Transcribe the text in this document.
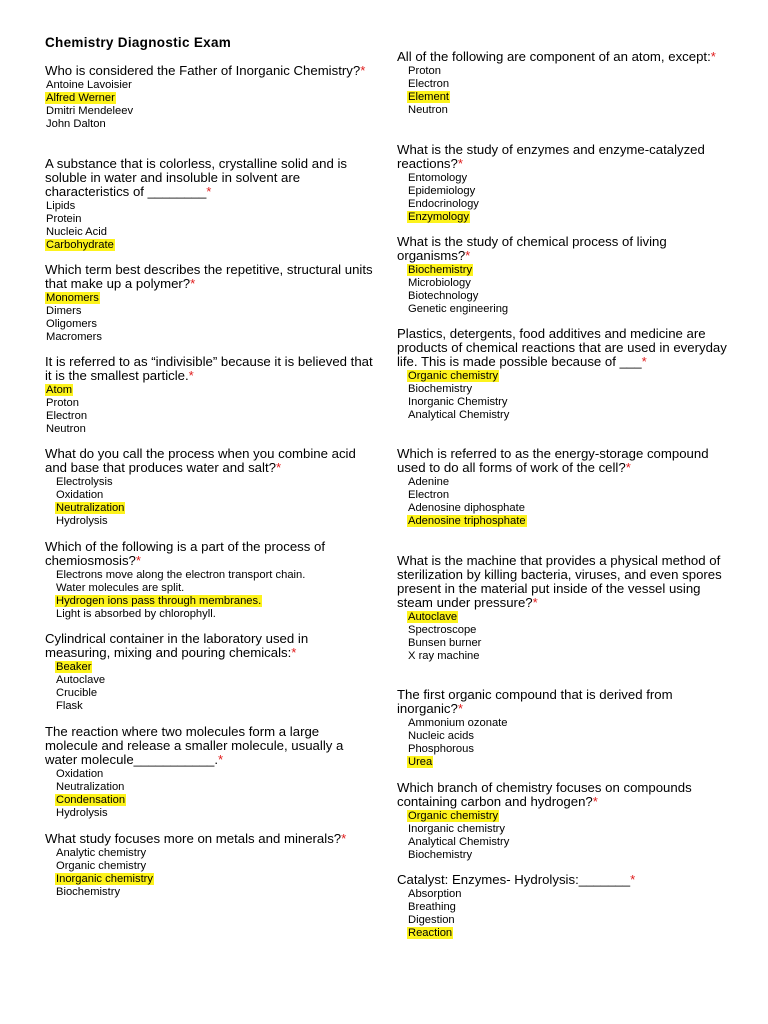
Chemistry Diagnostic Exam

Who is considered the Father of Inorganic Chemistry?*

Antoine Lavoisier
Alfred Werner
Dmitri Mendeleev
John Dalton

A substance that is colorless, crystalline solid and is soluble in water and insoluble in solvent are characteristics of ________*

Lipids
Protein
Nucleic Acid
Carbohydrate

Which term best describes the repetitive, structural units that make up a polymer?*

Monomers
Dimers
Oligomers
Macromers

It is referred to as “indivisible” because it is believed that it is the smallest particle.*

Atom
Proton
Electron
Neutron

What do you call the process when you combine acid and base that produces water and salt?*

Electrolysis
Oxidation
Neutralization
Hydrolysis

Which of the following is a part of the process of chemiosmosis?*

Electrons move along the electron transport chain.
Water molecules are split.
Hydrogen ions pass through membranes.
Light is absorbed by chlorophyll.

Cylindrical container in the laboratory used in measuring, mixing and pouring chemicals:*

Beaker
Autoclave
Crucible
Flask

The reaction where two molecules form a large molecule and release a smaller molecule, usually a water molecule___________.*

Oxidation
Neutralization
Condensation
Hydrolysis

What study focuses more on metals and minerals?*

Analytic chemistry
Organic chemistry
Inorganic chemistry
Biochemistry

All of the following are component of an atom, except:*

Proton
Electron
Element
Neutron

What is the study of enzymes and enzyme-catalyzed reactions?*

Entomology
Epidemiology
Endocrinology
Enzymology

What is the study of chemical process of living organisms?*

Biochemistry
Microbiology
Biotechnology
Genetic engineering

Plastics, detergents, food additives and medicine are products of chemical reactions that are used in everyday life. This is made possible because of ___*

Organic chemistry
Biochemistry
Inorganic Chemistry
Analytical Chemistry

Which is referred to as the energy-storage compound used to do all forms of work of the cell?*

Adenine
Electron
Adenosine diphosphate
Adenosine triphosphate

What is the machine that provides a physical method of sterilization by killing bacteria, viruses, and even spores present in the material put inside of the vessel using steam under pressure?*

Autoclave
Spectroscope
Bunsen burner
X ray machine

The first organic compound that is derived from inorganic?*

Ammonium ozonate
Nucleic acids
Phosphorous
Urea

Which branch of chemistry focuses on compounds containing carbon and hydrogen?*

Organic chemistry
Inorganic chemistry
Analytical Chemistry
Biochemistry

Catalyst: Enzymes- Hydrolysis:_______*

Absorption
Breathing
Digestion
Reaction
